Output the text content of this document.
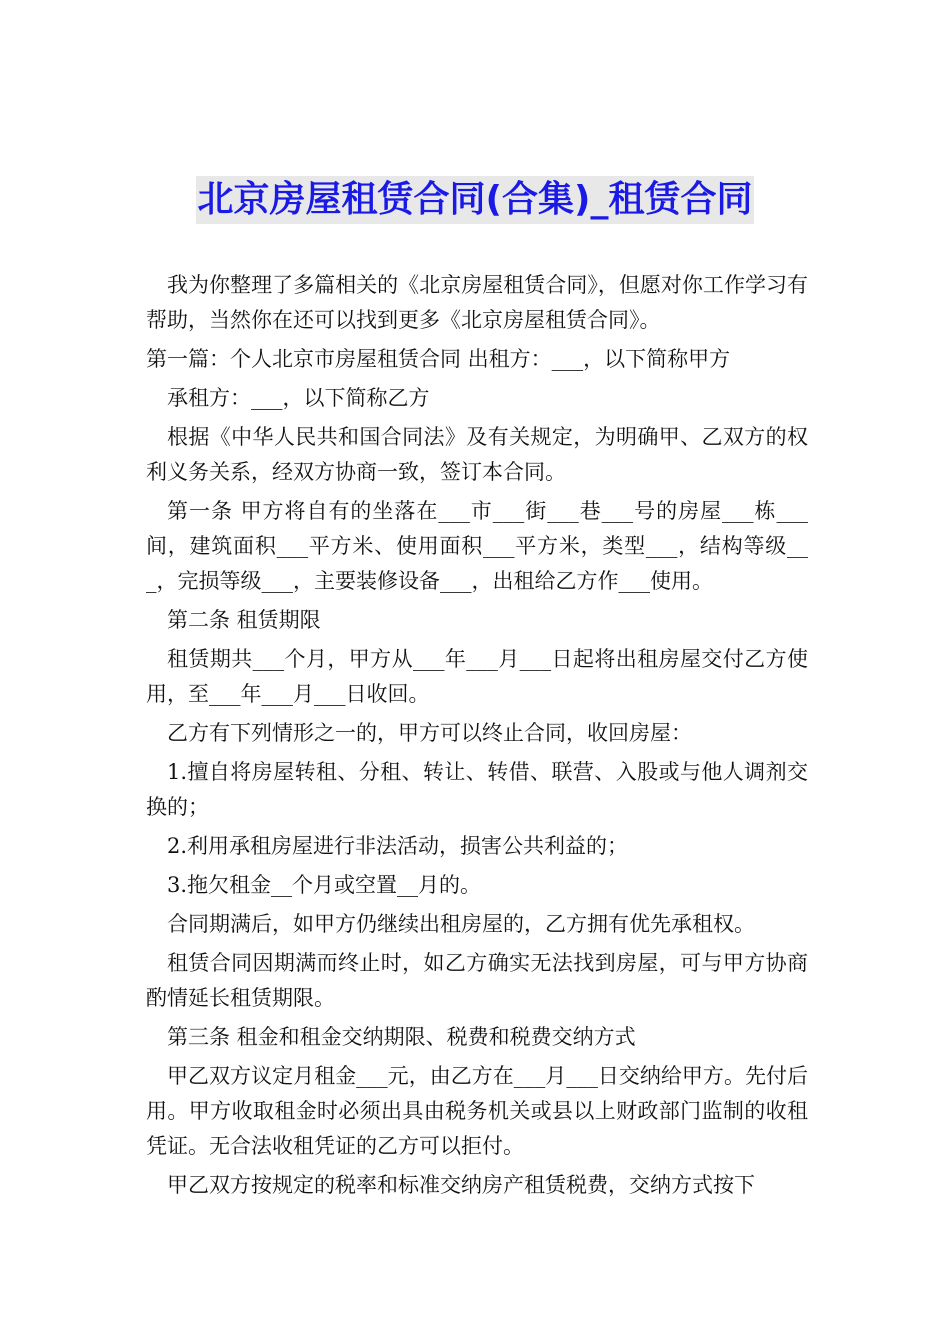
北京房屋租赁合同(合集)_租赁合同

我为你整理了多篇相关的《北京房屋租赁合同》，但愿对你工作学习有帮助，当然你在还可以找到更多《北京房屋租赁合同》。

第一篇：个人北京市房屋租赁合同 出租方：___，以下简称甲方

承租方：___，以下简称乙方

根据《中华人民共和国合同法》及有关规定，为明确甲、乙双方的权利义务关系，经双方协商一致，签订本合同。

第一条 甲方将自有的坐落在___市___街___巷___号的房屋___栋___间，建筑面积___平方米、使用面积___平方米，类型___，结构等级___，完损等级___，主要装修设备___，出租给乙方作___使用。

第二条 租赁期限

租赁期共___个月，甲方从___年___月___日起将出租房屋交付乙方使用，至___年___月___日收回。

乙方有下列情形之一的，甲方可以终止合同，收回房屋：

1.擅自将房屋转租、分租、转让、转借、联营、入股或与他人调剂交换的；

2.利用承租房屋进行非法活动，损害公共利益的；

3.拖欠租金__个月或空置__月的。

合同期满后，如甲方仍继续出租房屋的，乙方拥有优先承租权。

租赁合同因期满而终止时，如乙方确实无法找到房屋，可与甲方协商酌情延长租赁期限。

第三条 租金和租金交纳期限、税费和税费交纳方式

甲乙双方议定月租金___元，由乙方在___月___日交纳给甲方。先付后用。甲方收取租金时必须出具由税务机关或县以上财政部门监制的收租凭证。无合法收租凭证的乙方可以拒付。

甲乙双方按规定的税率和标准交纳房产租赁税费，交纳方式按下
